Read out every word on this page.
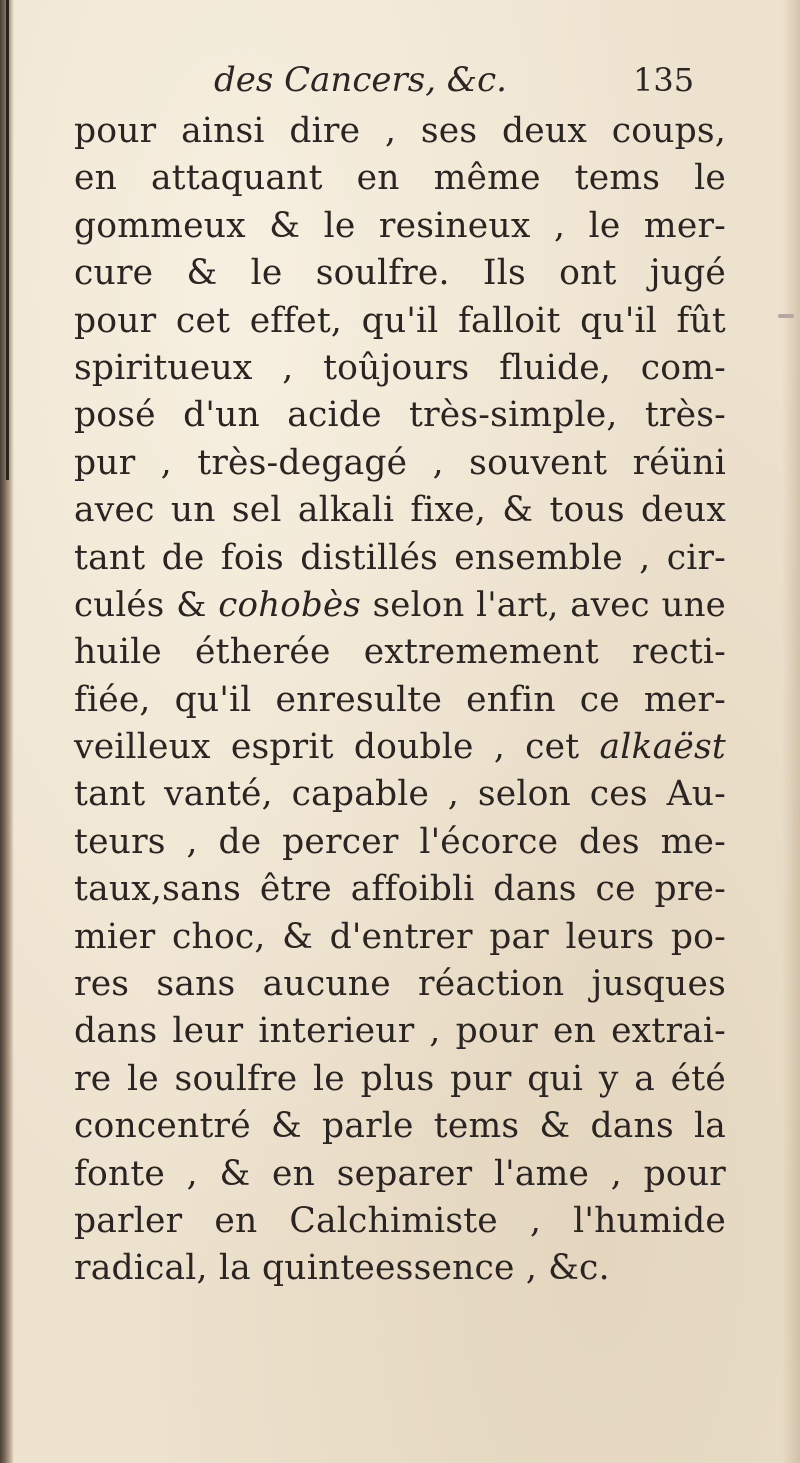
des Cancers, &c.	135
pour ainsi dire , ses deux coups,
en attaquant en même tems le
gommeux & le resineux , le mer-
cure & le soulfre. Ils ont jugé
pour cet effet, qu'il falloit qu'il fût
spiritueux , toûjours fluide, com-
posé d'un acide très-simple, très-
pur , très-degagé , souvent réüni
avec un sel alkali fixe, & tous deux
tant de fois distillés ensemble , cir-
culés & cohobès selon l'art, avec une
huile étherée extremement recti-
fiée, qu'il enresulte enfin ce mer-
veilleux esprit double , cet alkaëst
tant vanté, capable , selon ces Au-
teurs , de percer l'écorce des me-
taux,sans être affoibli dans ce pre-
mier choc, & d'entrer par leurs po-
res sans aucune réaction jusques
dans leur interieur , pour en extrai-
re le soulfre le plus pur qui y a été
concentré & parle tems & dans la
fonte , & en separer l'ame , pour
parler en Calchimiste , l'humide
radical, la quinteessence , &c.
